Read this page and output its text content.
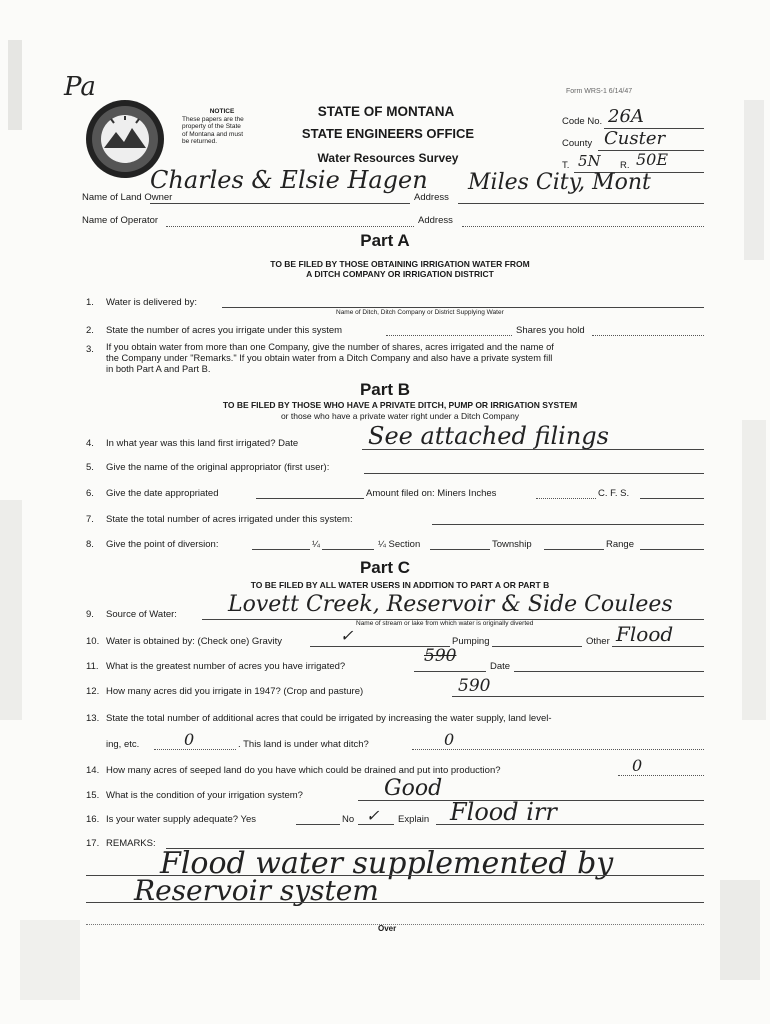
Pa
NOTICE
These papers are the
property of the State
of Montana and must
be returned.
STATE OF MONTANA
STATE ENGINEERS OFFICE
Water Resources Survey
Form WRS-1 6/14/47
Code No. 26A
County Custer
T. 5N R. 50E
Name of Land Owner
Charles & Elsie Hagen
Address
Miles City, Mont
Name of Operator	Address
Part A
TO BE FILED BY THOSE OBTAINING IRRIGATION WATER FROM
A DITCH COMPANY OR IRRIGATION DISTRICT
1. Water is delivered by:
Name of Ditch, Ditch Company or District Supplying Water
2. State the number of acres you irrigate under this system	Shares you hold
3. If you obtain water from more than one Company, give the number of shares, acres irrigated and the name of
the Company under "Remarks." If you obtain water from a Ditch Company and also have a private system fill
in both Part A and Part B.
Part B
TO BE FILED BY THOSE WHO HAVE A PRIVATE DITCH, PUMP OR IRRIGATION SYSTEM
or those who have a private water right under a Ditch Company
4. In what year was this land first irrigated? Date	See attached filings
5. Give the name of the original appropriator (first user):
6. Give the date appropriated	Amount filed on: Miners Inches	C. F. S.
7. State the total number of acres irrigated under this system:
8. Give the point of diversion:	¼	¼ Section	Township	Range
Part C
TO BE FILED BY ALL WATER USERS IN ADDITION TO PART A OR PART B
9. Source of Water: Lovett Creek, Reservoir & Side Coulees
Name of stream or lake from which water is originally diverted
10. Water is obtained by: (Check one) Gravity	✓	Pumping	Other Flood
11. What is the greatest number of acres you have irrigated?
590
Date
12. How many acres did you irrigate in 1947? (Crop and pasture)	590
13. State the total number of additional acres that could be irrigated by increasing the water supply, land level-
ing, etc.	0	. This land is under what ditch?	0
14. How many acres of seeped land do you have which could be drained and put into production?	0
15. What is the condition of your irrigation system?	Good
16. Is your water supply adequate? Yes	No ✓ Explain Flood irr
17. REMARKS:
Flood water supplemented by
Reservoir system
Over
